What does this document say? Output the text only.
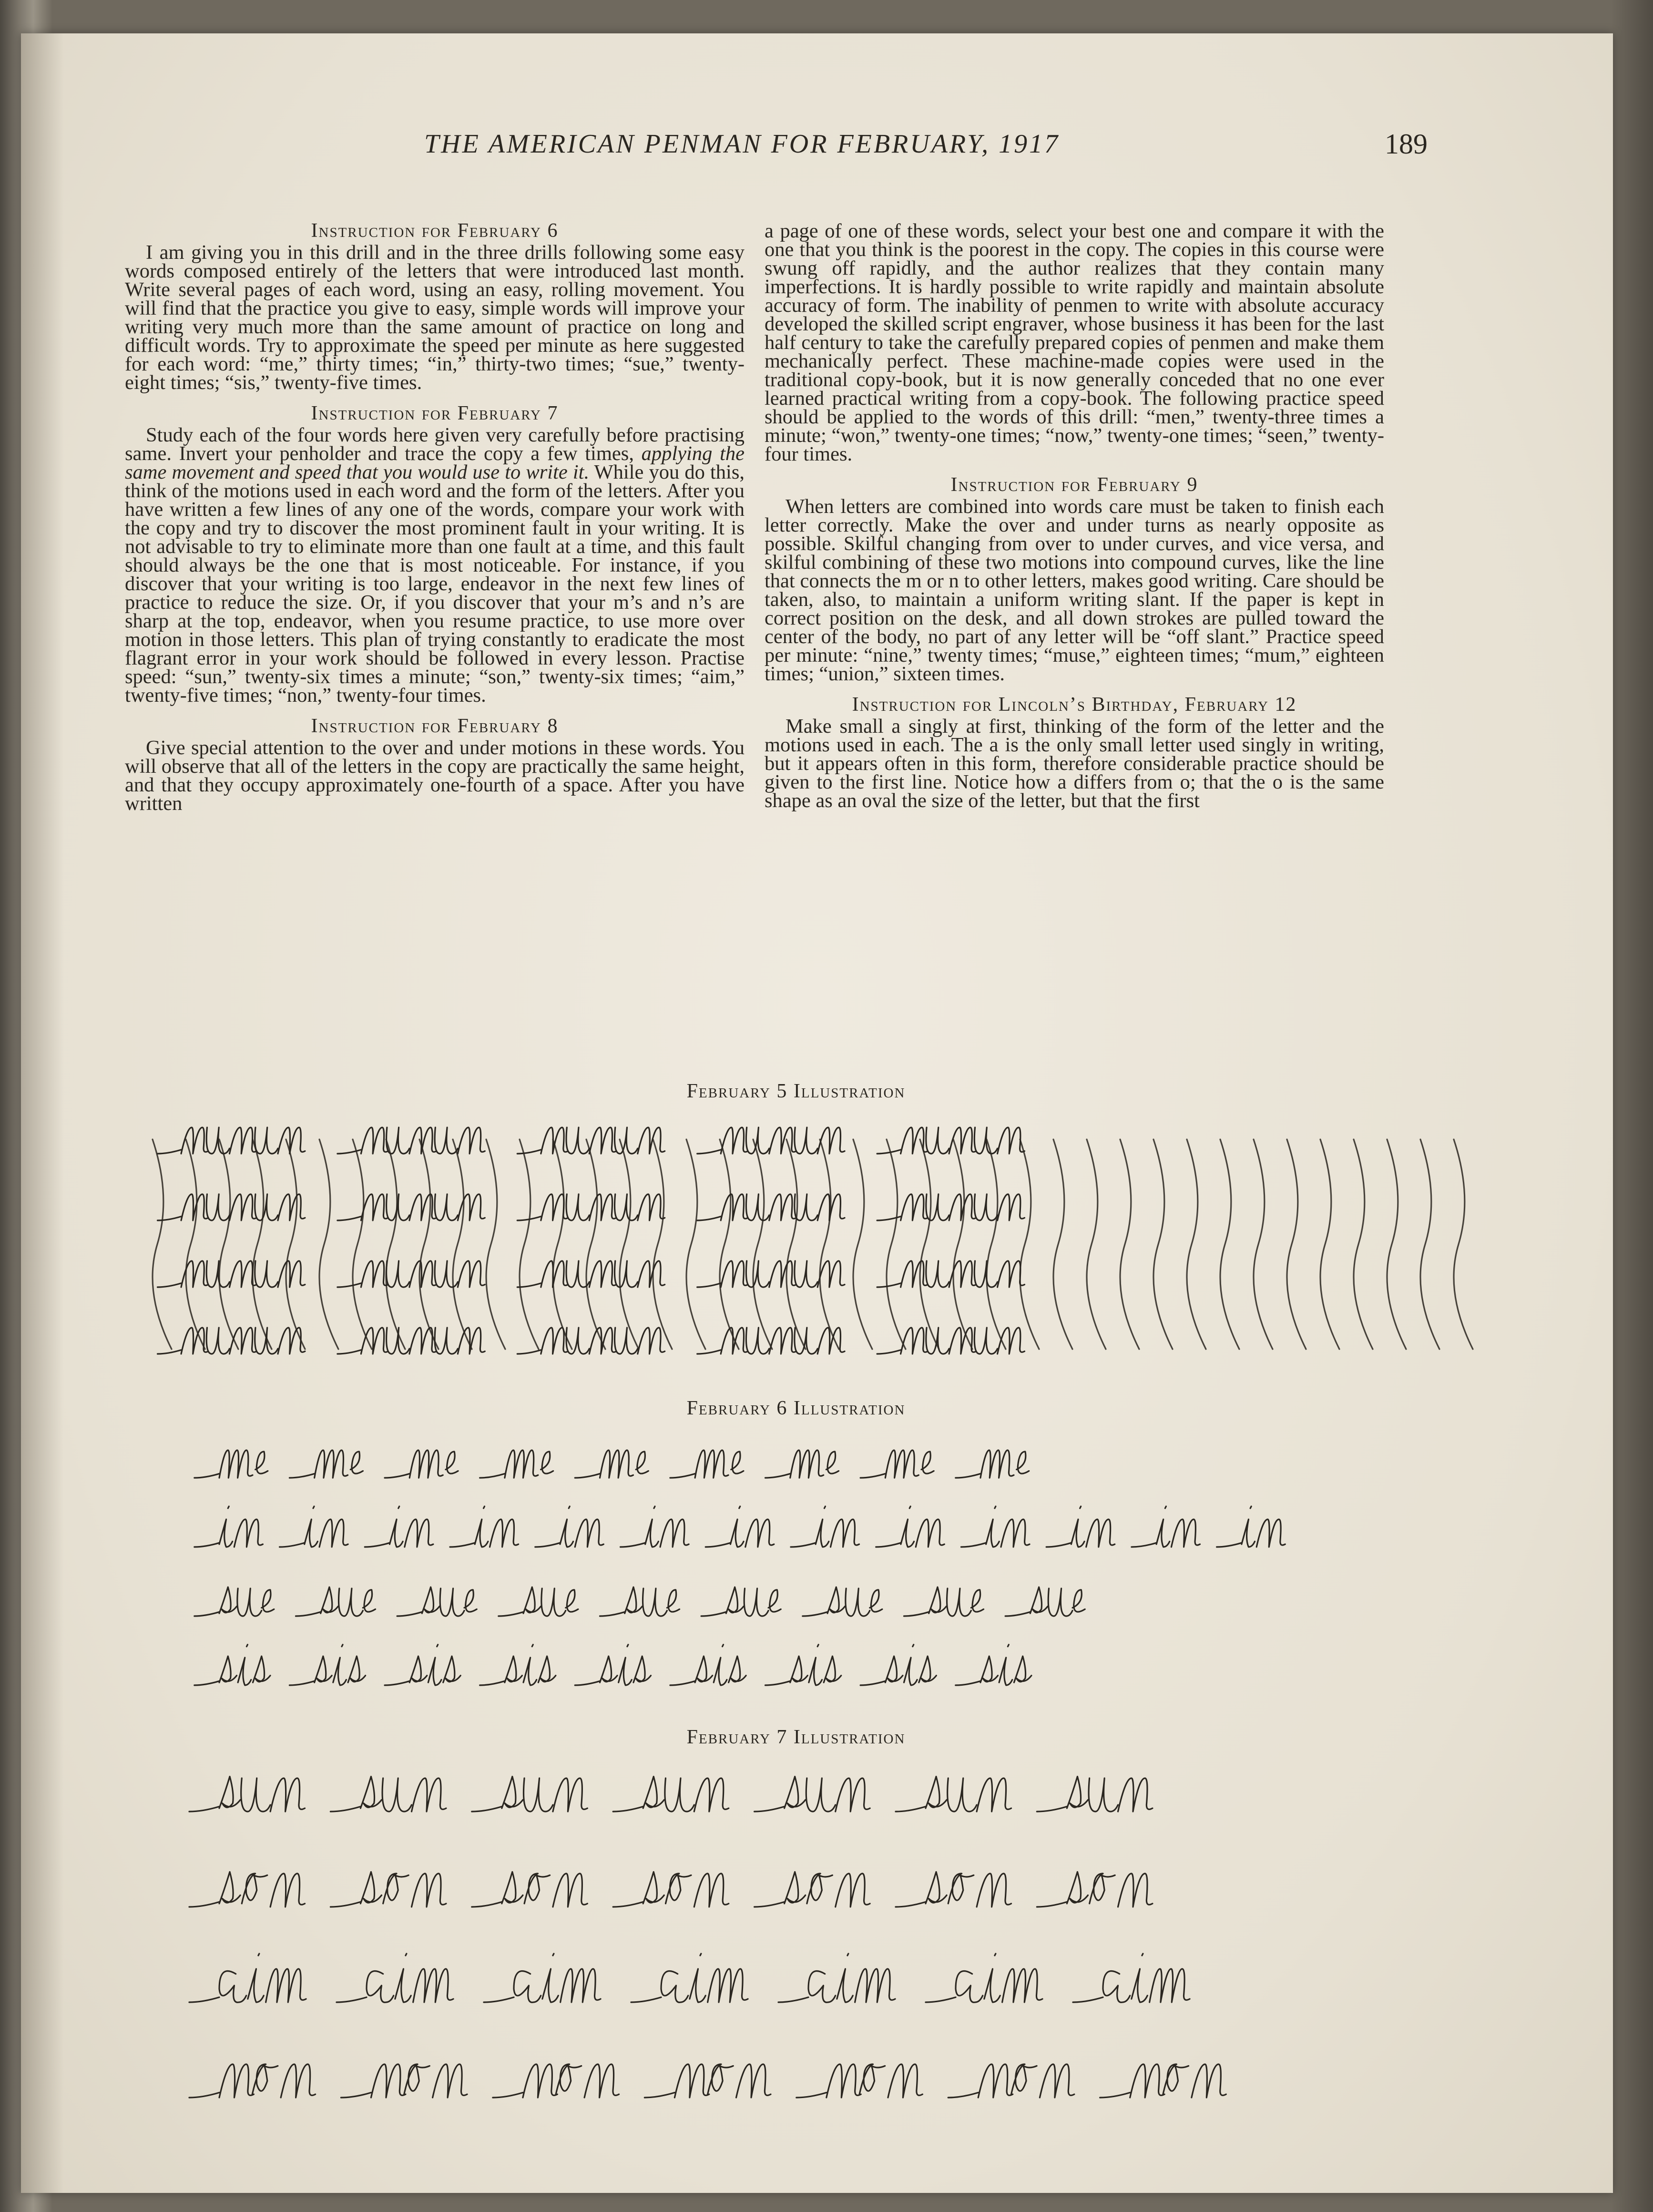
THE AMERICAN PENMAN FOR FEBRUARY, 1917	189
Instruction for February 6

I am giving you in this drill and in the three drills following some easy words composed entirely of the letters that were introduced last month. Write several pages of each word, using an easy, rolling movement. You will find that the practice you give to easy, simple words will improve your writing very much more than the same amount of practice on long and difficult words. Try to approximate the speed per minute as here suggested for each word: “me,” thirty times; “in,” thirty-two times; “sue,” twenty-eight times; “sis,” twenty-five times.

Instruction for February 7

Study each of the four words here given very carefully before practising same. Invert your penholder and trace the copy a few times, applying the same movement and speed that you would use to write it. While you do this, think of the motions used in each word and the form of the letters. After you have written a few lines of any one of the words, compare your work with the copy and try to discover the most prominent fault in your writing. It is not advisable to try to eliminate more than one fault at a time, and this fault should always be the one that is most noticeable. For instance, if you discover that your writing is too large, endeavor in the next few lines of practice to reduce the size. Or, if you discover that your m’s and n’s are sharp at the top, endeavor, when you resume practice, to use more over motion in those letters. This plan of trying constantly to eradicate the most flagrant error in your work should be followed in every lesson. Practise speed: “sun,” twenty-six times a minute; “son,” twenty-six times; “aim,” twenty-five times; “non,” twenty-four times.

Instruction for February 8

Give special attention to the over and under motions in these words. You will observe that all of the letters in the copy are practically the same height, and that they occupy approximately one-fourth of a space. After you have written

a page of one of these words, select your best one and compare it with the one that you think is the poorest in the copy. The copies in this course were swung off rapidly, and the author realizes that they contain many imperfections. It is hardly possible to write rapidly and maintain absolute accuracy of form. The inability of penmen to write with absolute accuracy developed the skilled script engraver, whose business it has been for the last half century to take the carefully prepared copies of penmen and make them mechanically perfect. These machine-made copies were used in the traditional copy-book, but it is now generally conceded that no one ever learned practical writing from a copy-book. The following practice speed should be applied to the words of this drill: “men,” twenty-three times a minute; “won,” twenty-one times; “now,” twenty-one times; “seen,” twenty-four times.

Instruction for February 9

When letters are combined into words care must be taken to finish each letter correctly. Make the over and under turns as nearly opposite as possible. Skilful changing from over to under curves, and vice versa, and skilful combining of these two motions into compound curves, like the line that connects the m or n to other letters, makes good writing. Care should be taken, also, to maintain a uniform writing slant. If the paper is kept in correct position on the desk, and all down strokes are pulled toward the center of the body, no part of any letter will be “off slant.” Practice speed per minute: “nine,” twenty times; “muse,” eighteen times; “mum,” eighteen times; “union,” sixteen times.

Instruction for Lincoln’s Birthday, February 12

Make small a singly at first, thinking of the form of the letter and the motions used in each. The a is the only small letter used singly in writing, but it appears often in this form, therefore considerable practice should be given to the first line. Notice how a differs from o; that the o is the same shape as an oval the size of the letter, but that the first

February 5 Illustration
February 6 Illustration
February 7 Illustration
